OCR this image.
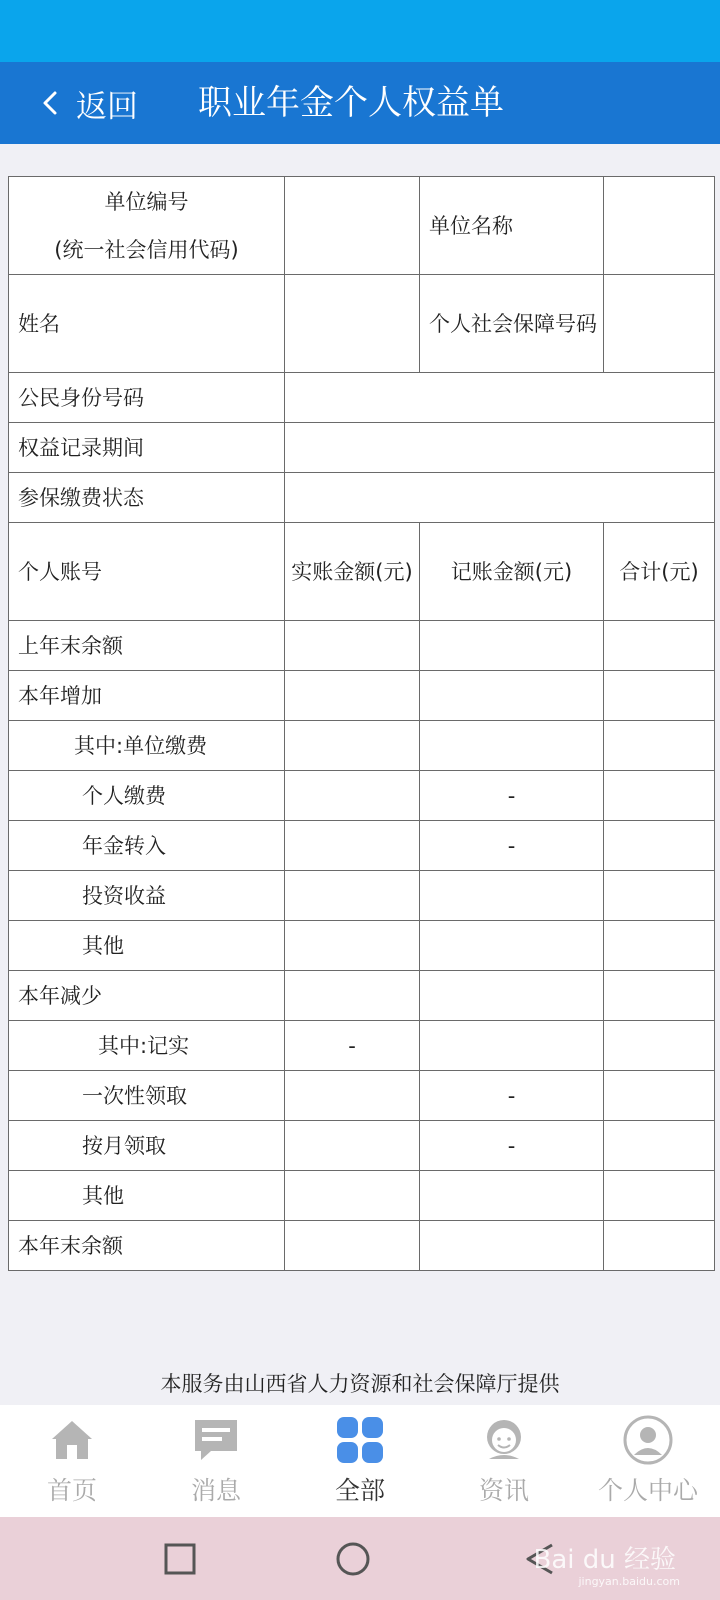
返回 职业年金个人权益单
单位编号
(统一社会信用代码)		单位名称	
姓名		个人社会保障号码	
公民身份号码			
权益记录期间			
参保缴费状态			
个人账号	实账金额(元)	记账金额(元)	合计(元)
上年末余额			
本年增加			
其中:单位缴费			
个人缴费		-	
年金转入		-	
投资收益			
其他			
本年减少			
其中:记实	-		
一次性领取		-	
按月领取		-	
其他			
本年末余额			
本服务由山西省人力资源和社会保障厅提供
首页	消息	全部	资讯	个人中心
Bai du 经验
jingyan.baidu.com
